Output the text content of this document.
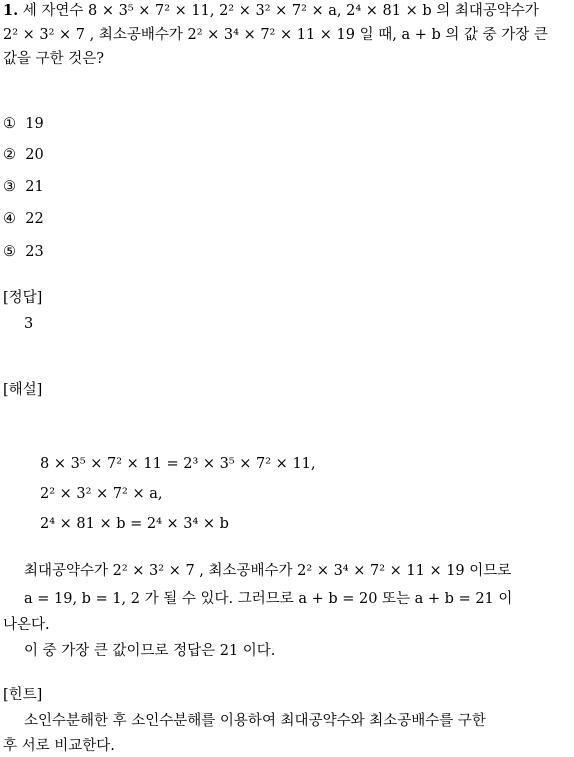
1. 세 자연수 8 × 3⁵ × 7² × 11, 2² × 3² × 7² × a, 2⁴ × 81 × b 의 최대공약수가
2² × 3² × 7 , 최소공배수가 2² × 3⁴ × 7² × 11 × 19 일 때, a + b 의 값 중 가장 큰
값을 구한 것은?
① 19
② 20
③ 21
④ 22
⑤ 23
[정답]
3
[해설]
8 × 3⁵ × 7² × 11 = 2³ × 3⁵ × 7² × 11,
2² × 3² × 7² × a,
2⁴ × 81 × b = 2⁴ × 3⁴ × b
최대공약수가 2² × 3² × 7 , 최소공배수가 2² × 3⁴ × 7² × 11 × 19 이므로
a = 19, b = 1, 2 가 될 수 있다. 그러므로 a + b = 20 또는 a + b = 21 이
나온다.
이 중 가장 큰 값이므로 정답은 21 이다.
[힌트]
소인수분해한 후 소인수분해를 이용하여 최대공약수와 최소공배수를 구한
후 서로 비교한다.
